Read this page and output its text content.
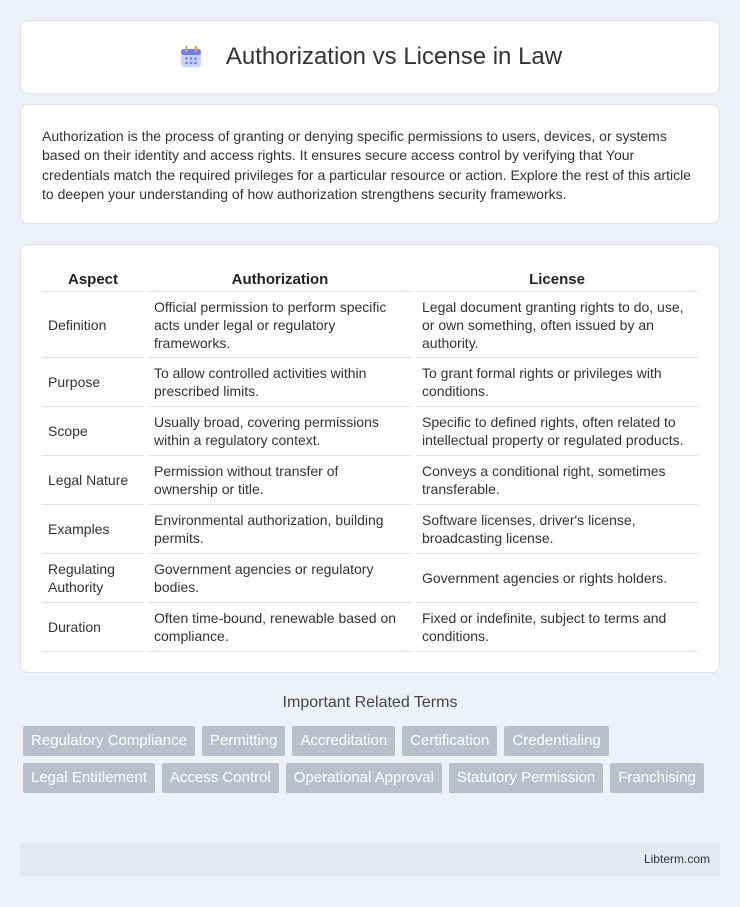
Authorization vs License in Law

Authorization is the process of granting or denying specific permissions to users, devices, or systems based on their identity and access rights. It ensures secure access control by verifying that Your credentials match the required privileges for a particular resource or action. Explore the rest of this article to deepen your understanding of how authorization strengthens security frameworks.

Aspect	Authorization	License
Definition	Official permission to perform specific acts under legal or regulatory frameworks.	Legal document granting rights to do, use, or own something, often issued by an authority.
Purpose	To allow controlled activities within prescribed limits.	To grant formal rights or privileges with conditions.
Scope	Usually broad, covering permissions within a regulatory context.	Specific to defined rights, often related to intellectual property or regulated products.
Legal Nature	Permission without transfer of ownership or title.	Conveys a conditional right, sometimes transferable.
Examples	Environmental authorization, building permits.	Software licenses, driver's license, broadcasting license.
Regulating Authority	Government agencies or regulatory bodies.	Government agencies or rights holders.
Duration	Often time-bound, renewable based on compliance.	Fixed or indefinite, subject to terms and conditions.
Important Related Terms
Regulatory Compliance	Permitting	Accreditation	Certification	Credentialing
Legal Entitlement	Access Control	Operational Approval	Statutory Permission	Franchising
Libterm.com
